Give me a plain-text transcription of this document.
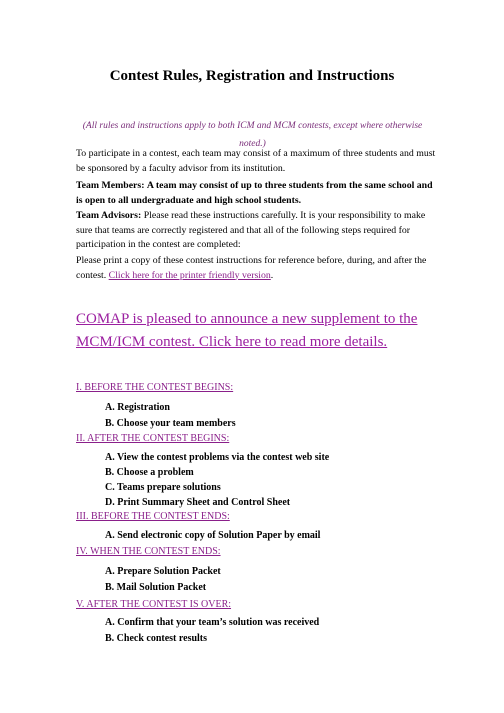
Contest Rules, Registration and Instructions
(All rules and instructions apply to both ICM and MCM contests, except where otherwise noted.)
To participate in a contest, each team may consist of a maximum of three students and must be sponsored by a faculty advisor from its institution.
Team Members: A team may consist of up to three students from the same school and is open to all undergraduate and high school students.
Team Advisors: Please read these instructions carefully. It is your responsibility to make sure that teams are correctly registered and that all of the following steps required for participation in the contest are completed:
Please print a copy of these contest instructions for reference before, during, and after the contest. Click here for the printer friendly version.
COMAP is pleased to announce a new supplement to the MCM/ICM contest. Click here to read more details.
I. BEFORE THE CONTEST BEGINS:
A. Registration
B. Choose your team members
II. AFTER THE CONTEST BEGINS:
A. View the contest problems via the contest web site
B. Choose a problem
C. Teams prepare solutions
D. Print Summary Sheet and Control Sheet
III. BEFORE THE CONTEST ENDS:
A. Send electronic copy of Solution Paper by email
IV. WHEN THE CONTEST ENDS:
A. Prepare Solution Packet
B. Mail Solution Packet
V. AFTER THE CONTEST IS OVER:
A. Confirm that your team’s solution was received
B. Check contest results
